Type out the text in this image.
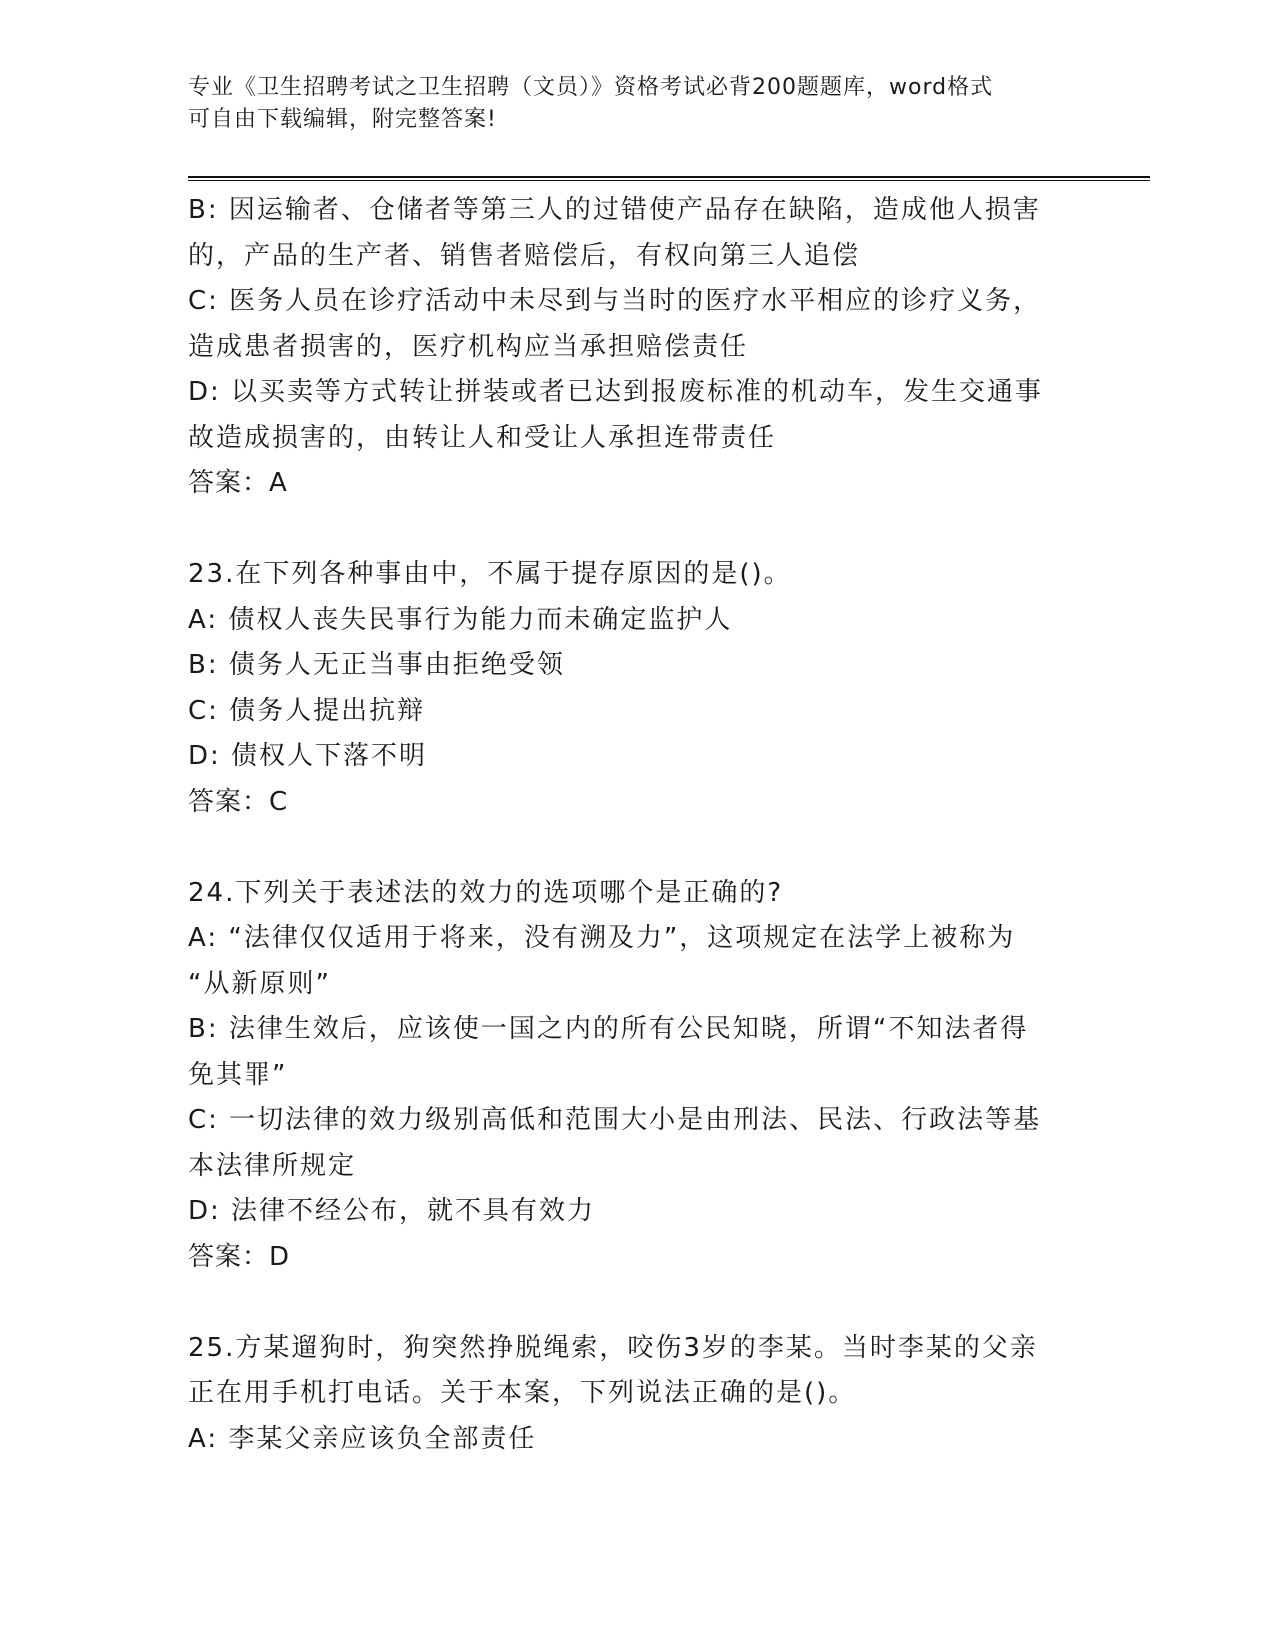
专业《卫生招聘考试之卫生招聘（文员）》资格考试必背200题题库，word格式
可自由下载编辑，附完整答案!
B: 因运输者、仓储者等第三人的过错使产品存在缺陷，造成他人损害
的，产品的生产者、销售者赔偿后，有权向第三人追偿
C: 医务人员在诊疗活动中未尽到与当时的医疗水平相应的诊疗义务，
造成患者损害的，医疗机构应当承担赔偿责任
D: 以买卖等方式转让拼装或者已达到报废标准的机动车，发生交通事
故造成损害的，由转让人和受让人承担连带责任
答案：A
23.在下列各种事由中，不属于提存原因的是()。
A: 债权人丧失民事行为能力而未确定监护人
B: 债务人无正当事由拒绝受领
C: 债务人提出抗辩
D: 债权人下落不明
答案：C
24.下列关于表述法的效力的选项哪个是正确的?
A: “法律仅仅适用于将来，没有溯及力”，这项规定在法学上被称为
“从新原则”
B: 法律生效后，应该使一国之内的所有公民知晓，所谓“不知法者得
免其罪”
C: 一切法律的效力级别高低和范围大小是由刑法、民法、行政法等基
本法律所规定
D: 法律不经公布，就不具有效力
答案：D
25.方某遛狗时，狗突然挣脱绳索，咬伤3岁的李某。当时李某的父亲
正在用手机打电话。关于本案，下列说法正确的是()。
A: 李某父亲应该负全部责任
